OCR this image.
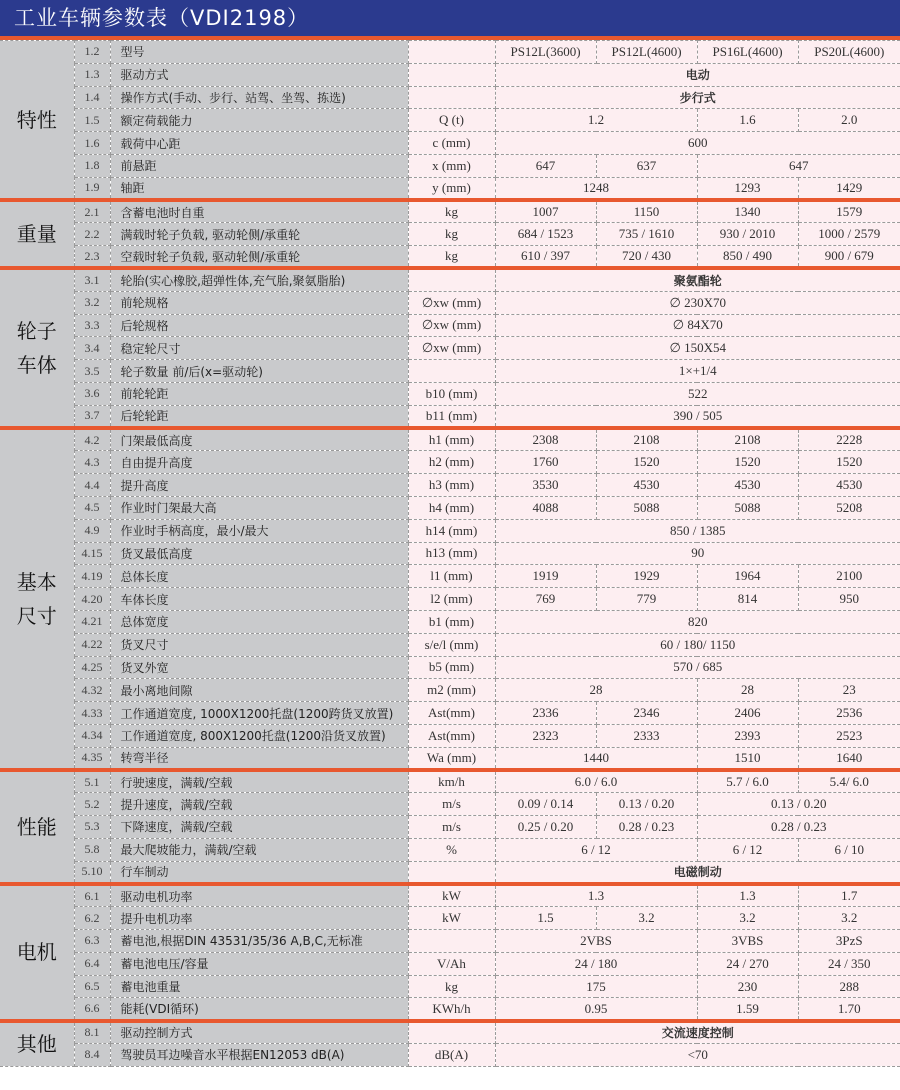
工业车辆参数表（VDI2198）
特性	1.2	型号		PS12L(3600)	PS12L(4600)	PS16L(4600)	PS20L(4600)
	1.3	驱动方式		电动			
	1.4	操作方式(手动、步行、站驾、坐驾、拣选)		步行式			
	1.5	额定荷载能力	Q (t)	1.2		1.6	2.0
	1.6	载荷中心距	c (mm)	600			
	1.8	前悬距	x (mm)	647	637	647	
	1.9	轴距	y (mm)	1248		1293	1429
重量	2.1	含蓄电池时自重	kg	1007	1150	1340	1579
	2.2	满载时轮子负载, 驱动轮侧/承重轮	kg	684 / 1523	735 / 1610	930 / 2010	1000 / 2579
	2.3	空载时轮子负载, 驱动轮侧/承重轮	kg	610 / 397	720 / 430	850 / 490	900 / 679
轮子
车体	3.1	轮胎(实心橡胶,超弹性体,充气胎,聚氨脂胎)		聚氨酯轮			
	3.2	前轮规格	∅xw (mm)	∅ 230X70			
	3.3	后轮规格	∅xw (mm)	∅ 84X70			
	3.4	稳定轮尺寸	∅xw (mm)	∅ 150X54			
	3.5	轮子数量 前/后(x=驱动轮)		1×+1/4			
	3.6	前轮轮距	b10 (mm)	522			
	3.7	后轮轮距	b11 (mm)	390 / 505			
基本
尺寸	4.2	门架最低高度	h1 (mm)	2308	2108	2108	2228
	4.3	自由提升高度	h2 (mm)	1760	1520	1520	1520
	4.4	提升高度	h3 (mm)	3530	4530	4530	4530
	4.5	作业时门架最大高	h4 (mm)	4088	5088	5088	5208
	4.9	作业时手柄高度，最小/最大	h14 (mm)	850 / 1385			
	4.15	货叉最低高度	h13 (mm)	90			
	4.19	总体长度	l1 (mm)	1919	1929	1964	2100
	4.20	车体长度	l2 (mm)	769	779	814	950
	4.21	总体宽度	b1 (mm)	820			
	4.22	货叉尺寸	s/e/l (mm)	60 / 180/ 1150			
	4.25	货叉外宽	b5 (mm)	570 / 685			
	4.32	最小离地间隙	m2 (mm)	28		28	23
	4.33	工作通道宽度, 1000X1200托盘(1200跨货叉放置)	Ast(mm)	2336	2346	2406	2536
	4.34	工作通道宽度, 800X1200托盘(1200沿货叉放置)	Ast(mm)	2323	2333	2393	2523
	4.35	转弯半径	Wa (mm)	1440		1510	1640
性能	5.1	行驶速度，满载/空载	km/h	6.0 / 6.0		5.7 / 6.0	5.4/ 6.0
	5.2	提升速度，满载/空载	m/s	0.09 / 0.14	0.13 / 0.20	0.13 / 0.20	
	5.3	下降速度，满载/空载	m/s	0.25 / 0.20	0.28 / 0.23	0.28 / 0.23	
	5.8	最大爬坡能力，满载/空载	%	6 / 12		6 / 12	6 / 10
	5.10	行车制动		电磁制动			
电机	6.1	驱动电机功率	kW	1.3		1.3	1.7
	6.2	提升电机功率	kW	1.5	3.2	3.2	3.2
	6.3	蓄电池,根据DIN 43531/35/36 A,B,C,无标准		2VBS		3VBS	3PzS
	6.4	蓄电池电压/容量	V/Ah	24 / 180		24 / 270	24 / 350
	6.5	蓄电池重量	kg	175		230	288
	6.6	能耗(VDI循环)	KWh/h	0.95		1.59	1.70
其他	8.1	驱动控制方式		交流速度控制			
	8.4	驾驶员耳边噪音水平根据EN12053 dB(A)	dB(A)	<70			
